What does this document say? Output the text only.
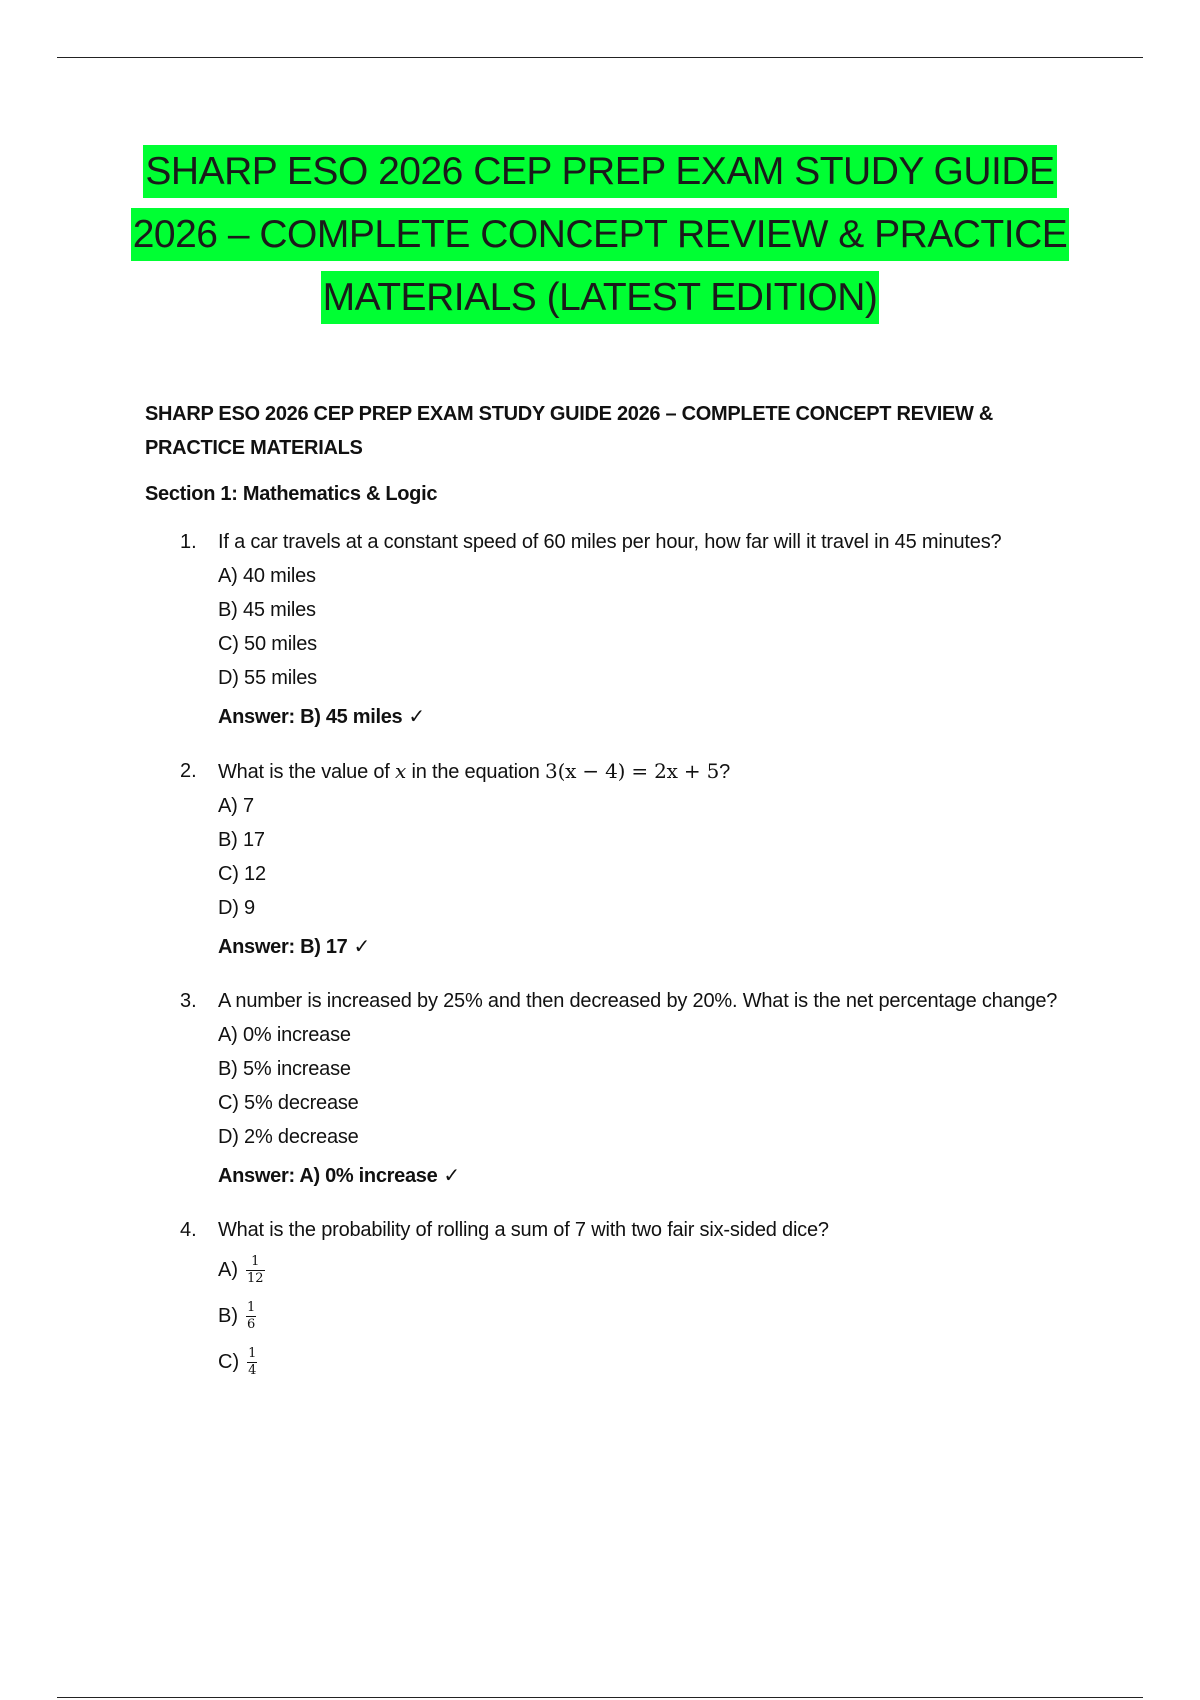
SHARP ESO 2026 CEP PREP EXAM STUDY GUIDE
2026 – COMPLETE CONCEPT REVIEW & PRACTICE
MATERIALS (LATEST EDITION)
SHARP ESO 2026 CEP PREP EXAM STUDY GUIDE 2026 – COMPLETE CONCEPT REVIEW &
PRACTICE MATERIALS
Section 1: Mathematics & Logic
1. If a car travels at a constant speed of 60 miles per hour, how far will it travel in 45 minutes?
A) 40 miles
B) 45 miles
C) 50 miles
D) 55 miles
Answer: B) 45 miles ✓
2. What is the value of x in the equation 3(x − 4) = 2x + 5?
A) 7
B) 17
C) 12
D) 9
Answer: B) 17 ✓
3. A number is increased by 25% and then decreased by 20%. What is the net percentage change?
A) 0% increase
B) 5% increase
C) 5% decrease
D) 2% decrease
Answer: A) 0% increase ✓
4. What is the probability of rolling a sum of 7 with two fair six-sided dice?
$A) \frac{1}{12}$
$B) \frac{1}{6}$
$C) \frac{1}{4}$
